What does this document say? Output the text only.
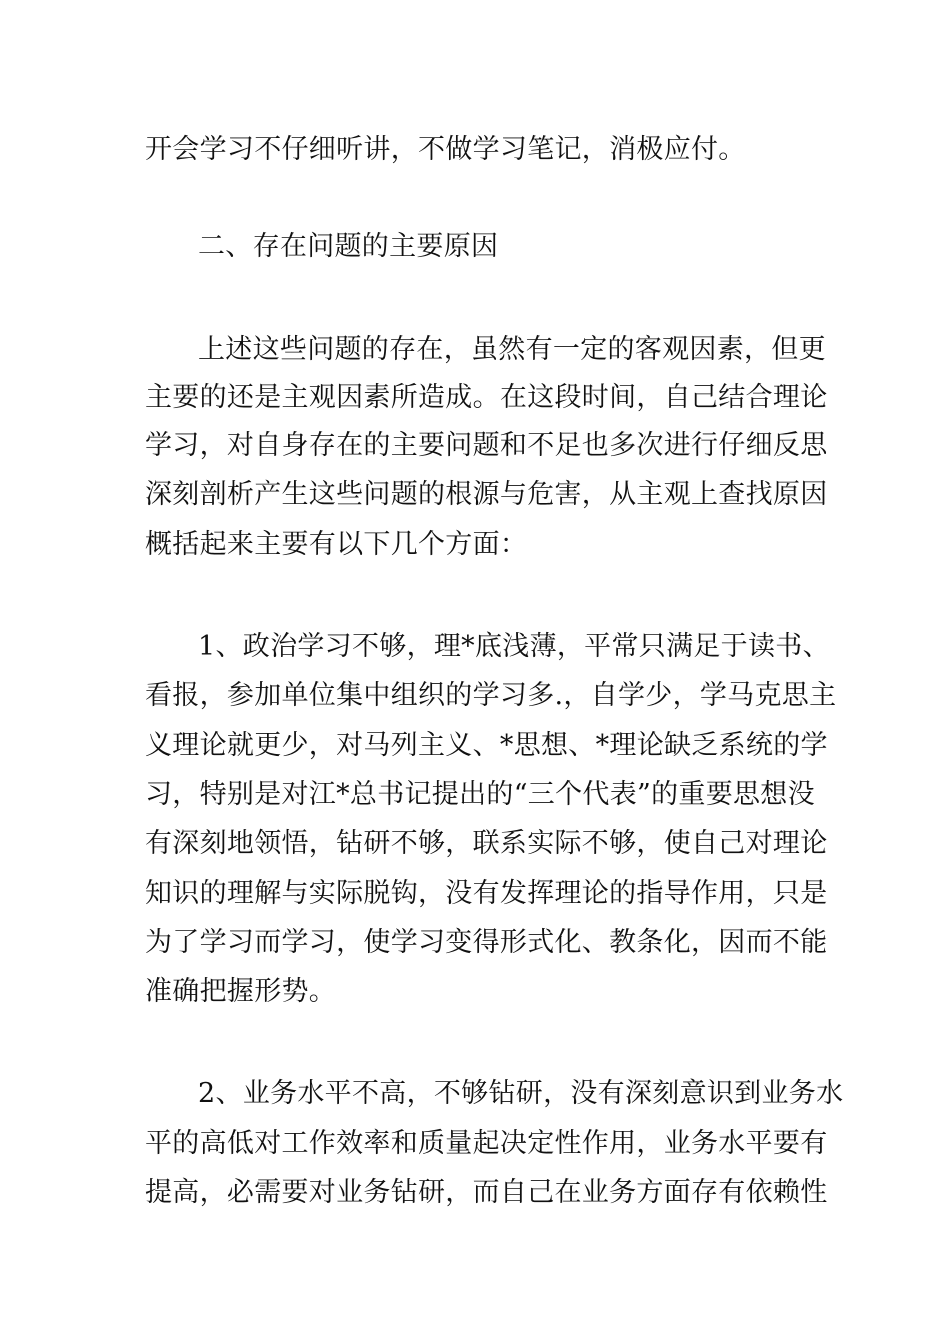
开会学习不仔细听讲，不做学习笔记，消极应付。
二、存在问题的主要原因
上述这些问题的存在，虽然有一定的客观因素，但更
主要的还是主观因素所造成。在这段时间，自己结合理论
学习，对自身存在的主要问题和不足也多次进行仔细反思
深刻剖析产生这些问题的根源与危害，从主观上查找原因
概括起来主要有以下几个方面：
1、政治学习不够，理*底浅薄，平常只满足于读书、
看报，参加单位集中组织的学习多.，自学少，学马克思主
义理论就更少，对马列主义、*思想、*理论缺乏系统的学
习，特别是对江*总书记提出的“三个代表”的重要思想没
有深刻地领悟，钻研不够，联系实际不够，使自己对理论
知识的理解与实际脱钩，没有发挥理论的指导作用，只是
为了学习而学习，使学习变得形式化、教条化，因而不能
准确把握形势。
2、业务水平不高，不够钻研，没有深刻意识到业务水
平的高低对工作效率和质量起决定性作用，业务水平要有
提高，必需要对业务钻研，而自己在业务方面存有依赖性
